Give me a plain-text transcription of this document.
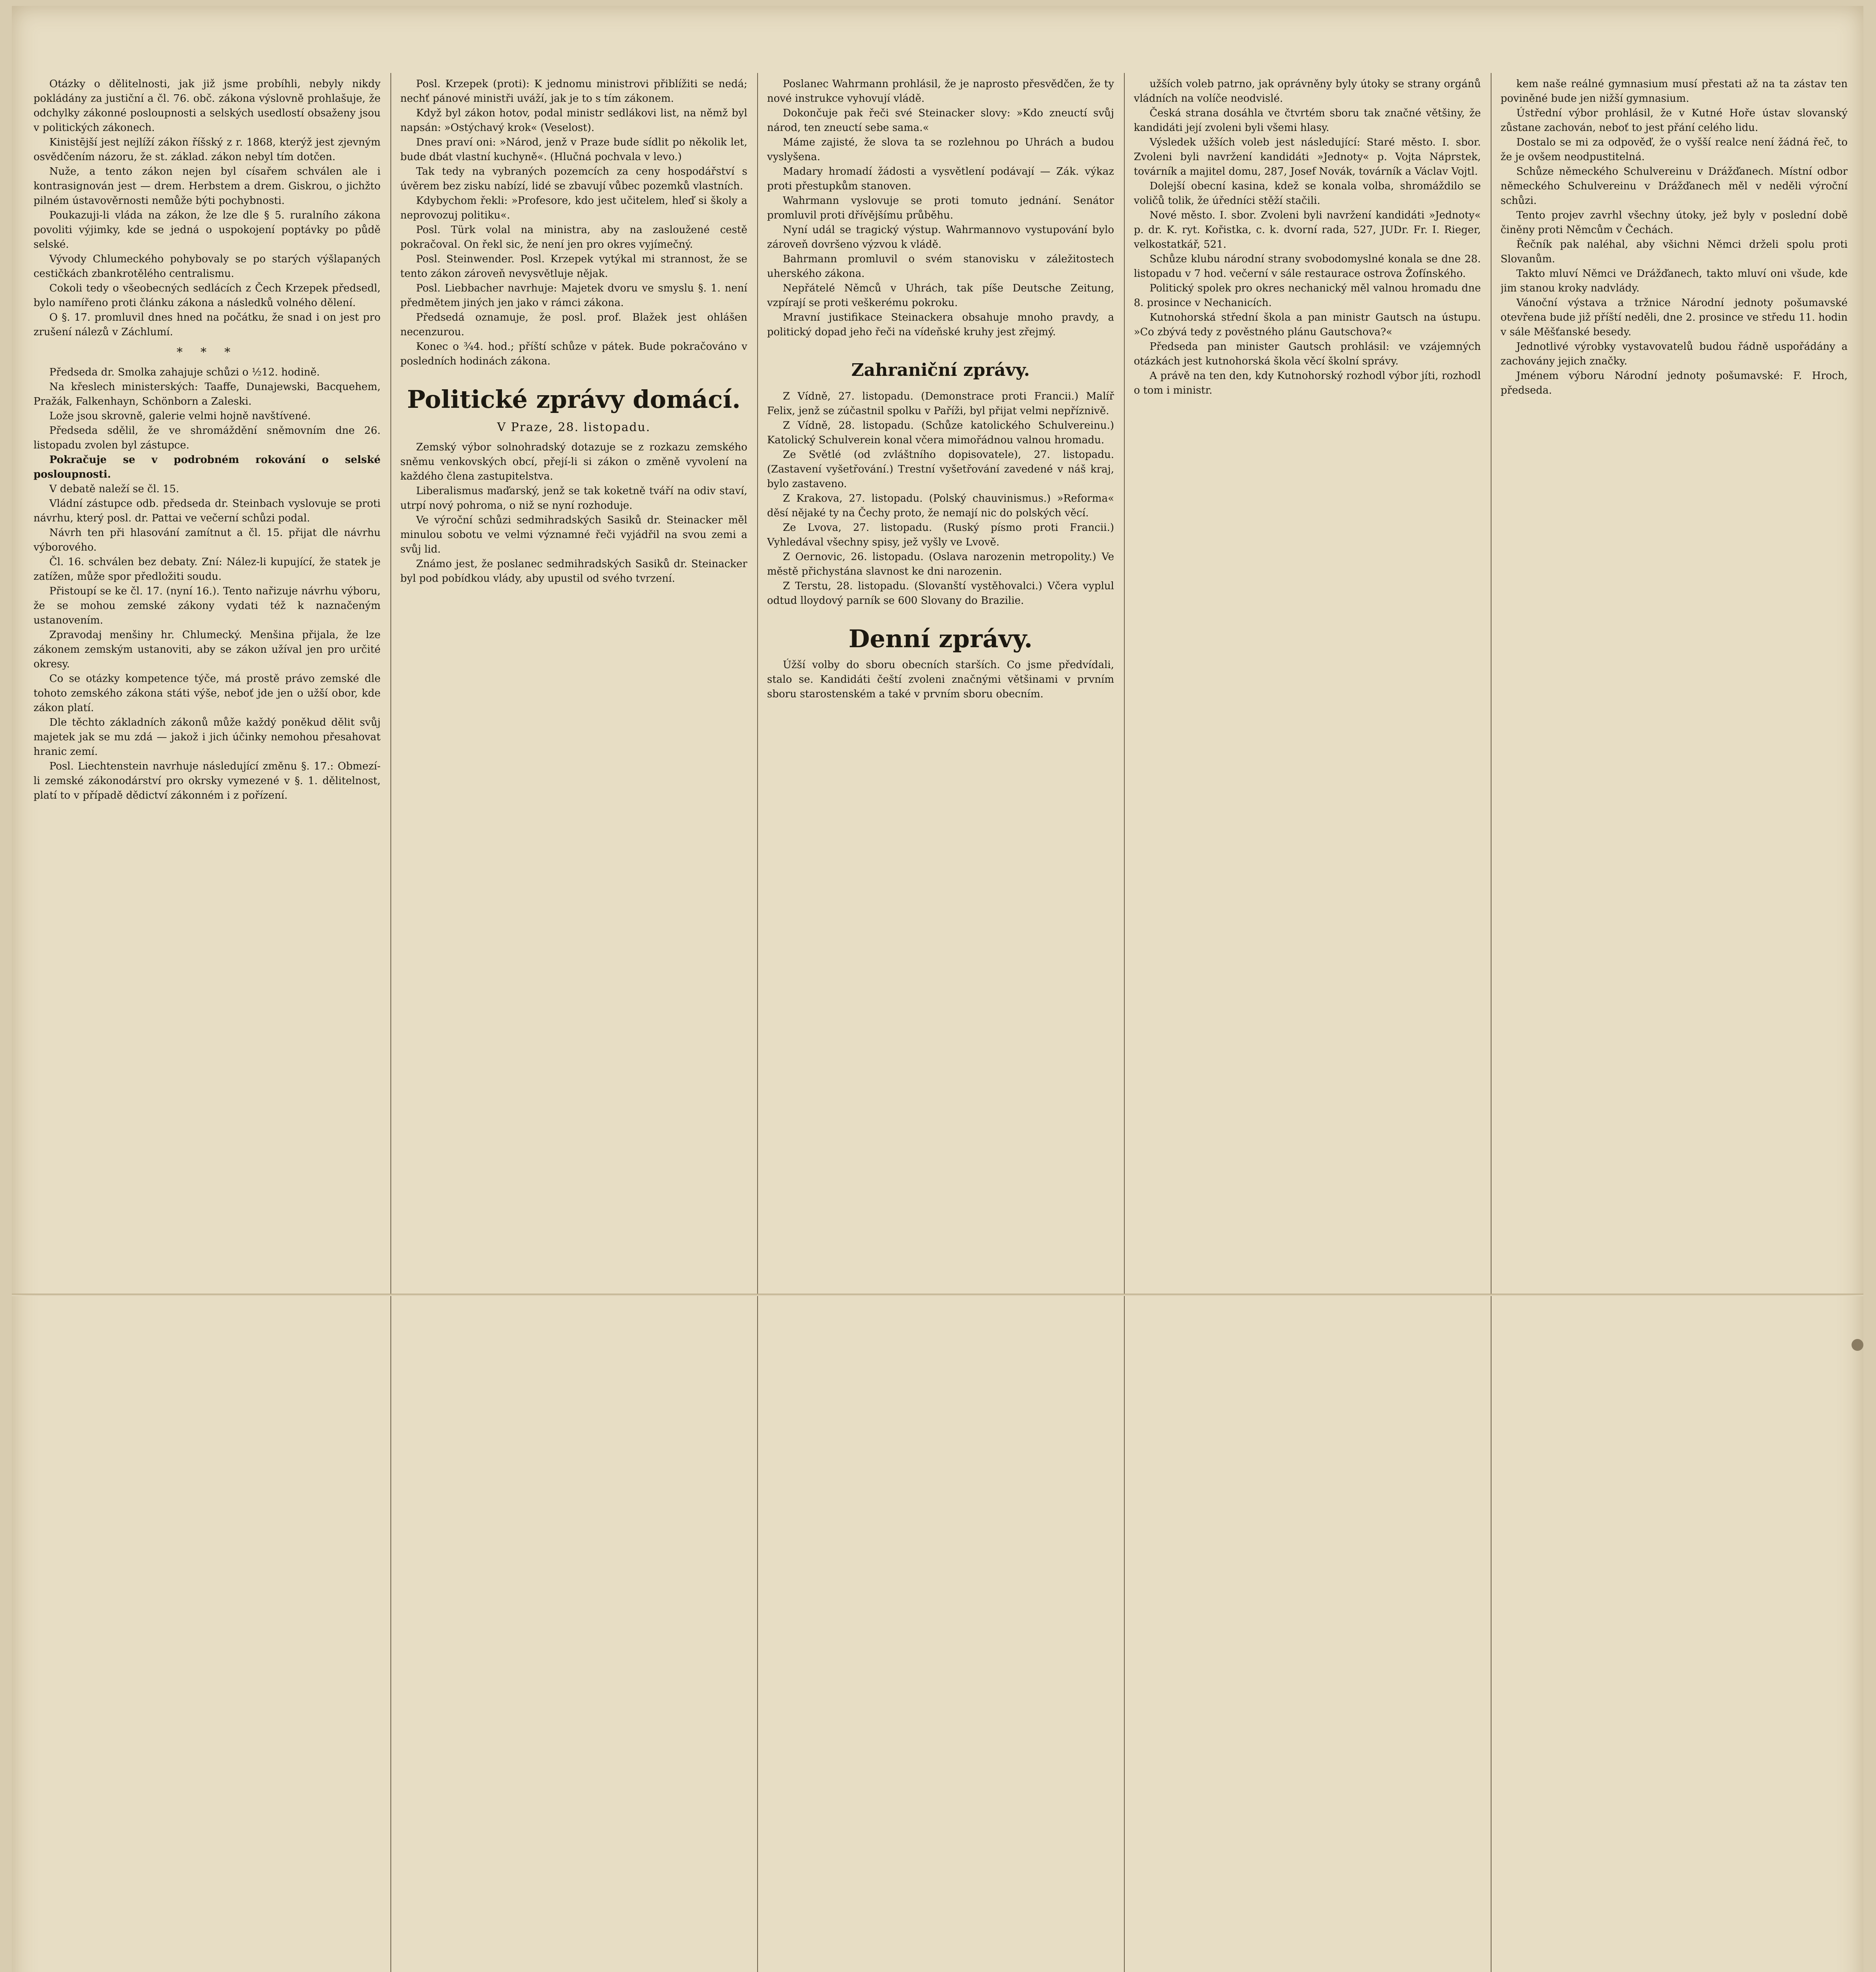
Otázky o dělitelnosti, jak již jsme probíhli, nebyly nikdy pokládány za justiční a čl. 76. obč. zákona výslovně prohlašuje, že odchylky zákonné posloupnosti a selských usedlostí obsaženy jsou v politických zákonech.

Kinistējší jest nejlíží zákon říšský z r. 1868, kterýž jest zjevným osvědčením názoru, že st. základ. zákon nebyl tím dotčen.

Nuže, a tento zákon nejen byl císařem schválen ale i kontrasignován jest — drem. Herbstem a drem. Giskrou, o jichžto pilném ústavověrnosti nemůže býti pochybnosti.

Poukazuji-li vláda na zákon, že lze dle § 5. ruralního zákona povoliti výjimky, kde se jedná o uspokojení poptávky po půdě selské.

Vývody Chlumeckého pohybovaly se po starých výšlapaných cestičkách zbankrotělého centralismu.

Cokoli tedy o všeobecných sedlácích z Čech Krzepek předsedl, bylo namířeno proti článku zákona a následků volného dělení.

O §. 17. promluvil dnes hned na počátku, že snad i on jest pro zrušení nálezů v Záchlumí.

* * *

Předseda dr. Smolka zahajuje schůzi o ½12. hodině.

Na křeslech ministerských: Taaffe, Dunajewski, Bacquehem, Pražák, Falkenhayn, Schönborn a Zaleski.

Lože jsou skrovně, galerie velmi hojně navštívené.

Předseda sdělil, že ve shromáždění sněmovním dne 26. listopadu zvolen byl zástupce.

Pokračuje se v podrobném rokování o selské posloupnosti.

V debatě naleží se čl. 15.

Vládní zástupce odb. předseda dr. Steinbach vyslovuje se proti návrhu, který posl. dr. Pattai ve večerní schůzi podal.

Návrh ten při hlasování zamítnut a čl. 15. přijat dle návrhu výborového.

Čl. 16. schválen bez debaty. Zní: Nález-li kupující, že statek je zatížen, může spor předložiti soudu.

Přistoupí se ke čl. 17. (nyní 16.). Tento nařizuje návrhu výboru, že se mohou zemské zákony vydati též k naznačeným ustanovením.

Zpravodaj menšiny hr. Chlumecký. Menšina přijala, že lze zákonem zemským ustanoviti, aby se zákon užíval jen pro určité okresy.

Co se otázky kompetence týče, má prostě právo zemské dle tohoto zemského zákona státi výše, neboť jde jen o užší obor, kde zákon platí.

Dle těchto základních zákonů může každý poněkud dělit svůj majetek jak se mu zdá — jakož i jich účinky nemohou přesahovat hranic zemí.

Posl. Liechtenstein navrhuje následující změnu §. 17.: Obmezí-li zemské zákonodárství pro okrsky vymezené v §. 1. dělitelnost, platí to v případě dědictví zákonném i z pořízení.

Posl. Krzepek (proti): K jednomu ministrovi přiblížiti se nedá; nechť pánové ministři uváží, jak je to s tím zákonem.

Když byl zákon hotov, podal ministr sedlákovi list, na němž byl napsán: »Ostýchavý krok« (Veselost).

Dnes praví oni: »Národ, jenž v Praze bude sídlit po několik let, bude dbát vlastní kuchyně«. (Hlučná pochvala v levo.)

Tak tedy na vybraných pozemcích za ceny hospodářství s úvěrem bez zisku nabízí, lidé se zbavují vůbec pozemků vlastních.

Kdybychom řekli: »Profesore, kdo jest učitelem, hleď si školy a neprovozuj politiku«.

Posl. Türk volal na ministra, aby na zasloužené cestě pokračoval. On řekl sic, že není jen pro okres vyjímečný.

Posl. Steinwender. Posl. Krzepek vytýkal mi strannost, že se tento zákon zároveň nevysvětluje nějak.

Posl. Liebbacher navrhuje: Majetek dvoru ve smyslu §. 1. není předmětem jiných jen jako v rámci zákona.

Předsedá oznamuje, že posl. prof. Blažek jest ohlášen necenzurou.

Konec o ¾4. hod.; příští schůze v pátek. Bude pokračováno v posledních hodinách zákona.

Politické zprávy domácí.
V Praze, 28. listopadu.

Zemský výbor solnohradský dotazuje se z rozkazu zemského sněmu venkovských obcí, přejí-li si zákon o změně vyvolení na každého člena zastupitelstva.

Liberalismus maďarský, jenž se tak koketně tváří na odiv staví, utrpí nový pohroma, o niž se nyní rozhoduje.

Ve výroční schůzi sedmihradských Sasiků dr. Steinacker měl minulou sobotu ve velmi významné řeči vyjádřil na svou zemi a svůj lid.

Známo jest, že poslanec sedmihradských Sasiků dr. Steinacker byl pod pobídkou vlády, aby upustil od svého tvrzení.

Poslanec Wahrmann prohlásil, že je naprosto přesvědčen, že ty nové instrukce vyhovují vládě.

Dokončuje pak řeči své Steinacker slovy: »Kdo zneuctí svůj národ, ten zneuctí sebe sama.«

Máme zajisté, že slova ta se rozlehnou po Uhrách a budou vyslyšena.

Madary hromadí žádosti a vysvětlení podávají — Zák. výkaz proti přestupkům stanoven.

Wahrmann vyslovuje se proti tomuto jednání. Senátor promluvil proti dřívějšímu průběhu.

Nyní udál se tragický výstup. Wahrmannovo vystupování bylo zároveň dovršeno výzvou k vládě.

Bahrmann promluvil o svém stanovisku v záležitostech uherského zákona.

Nepřátelé Němců v Uhrách, tak píše Deutsche Zeitung, vzpírají se proti veškerému pokroku.

Mravní justifikace Steinackera obsahuje mnoho pravdy, a politický dopad jeho řeči na vídeňské kruhy jest zřejmý.

Zahraniční zprávy.

Z Vídně, 27. listopadu. (Demonstrace proti Francii.) Malíř Felix, jenž se zúčastnil spolku v Paříži, byl přijat velmi nepříznivě.

Z Vídně, 28. listopadu. (Schůze katolického Schulvereinu.) Katolický Schulverein konal včera mimořádnou valnou hromadu.

Ze Světlé (od zvláštního dopisovatele), 27. listopadu. (Zastavení vyšetřování.) Trestní vyšetřování zavedené v náš kraj, bylo zastaveno.

Z Krakova, 27. listopadu. (Polský chauvinismus.) »Reforma« děsí nějaké ty na Čechy proto, že nemají nic do polských věcí.

Ze Lvova, 27. listopadu. (Ruský písmo proti Francii.) Vyhledával všechny spisy, jež vyšly ve Lvově.

Z Oernovic, 26. listopadu. (Oslava narozenin metropolity.) Ve městě přichystána slavnost ke dni narozenin.

Z Terstu, 28. listopadu. (Slovanští vystěhovalci.) Včera vyplul odtud lloydový parník se 600 Slovany do Brazilie.

Denní zprávy.

Úžší volby do sboru obecních starších. Co jsme předvídali, stalo se. Kandidáti čeští zvoleni značnými většinami v prvním sboru starostenském a také v prvním sboru obecním.

užších voleb patrno, jak oprávněny byly útoky se strany orgánů vládních na volíče neodvislé.

Česká strana dosáhla ve čtvrtém sboru tak značné většiny, že kandidáti její zvoleni byli všemi hlasy.

Výsledek užších voleb jest následující: Staré město. I. sbor. Zvoleni byli navržení kandidáti »Jednoty« p. Vojta Náprstek, továrník a majitel domu, 287, Josef Novák, továrník a Václav Vojtl.

Dolejší obecní kasina, kdež se konala volba, shromáždilo se voličů tolik, že úředníci stěží stačili.

Nové město. I. sbor. Zvoleni byli navržení kandidáti »Jednoty« p. dr. K. ryt. Kořistka, c. k. dvorní rada, 527, JUDr. Fr. I. Rieger, velkostatkář, 521.

Schůze klubu národní strany svobodomyslné konala se dne 28. listopadu v 7 hod. večerní v sále restaurace ostrova Žofínského.

Politický spolek pro okres nechanický měl valnou hromadu dne 8. prosince v Nechanicích.

Kutnohorská střední škola a pan ministr Gautsch na ústupu. »Co zbývá tedy z pověstného plánu Gautschova?«

Předseda pan minister Gautsch prohlásil: ve vzájemných otázkách jest kutnohorská škola věcí školní správy.

A právě na ten den, kdy Kutnohorský rozhodl výbor jíti, rozhodl o tom i ministr.

kem naše reálné gymnasium musí přestati až na ta zástav ten poviněné bude jen nižší gymnasium.

Ústřední výbor prohlásil, že v Kutné Hoře ústav slovanský zůstane zachován, neboť to jest přání celého lidu.

Dostalo se mi za odpověď, že o vyšší realce není žádná řeč, to že je ovšem neodpustitelná.

Schůze německého Schulvereinu v Drážďanech. Místní odbor německého Schulvereinu v Drážďanech měl v neděli výroční schůzi.

Tento projev zavrhl všechny útoky, jež byly v poslední době činěny proti Němcům v Čechách.

Řečník pak naléhal, aby všichni Němci drželi spolu proti Slovanům.

Takto mluví Němci ve Drážďanech, takto mluví oni všude, kde jim stanou kroky nadvlády.

Vánoční výstava a tržnice Národní jednoty pošumavské otevřena bude již příští neděli, dne 2. prosince ve středu 11. hodin v sále Měšťanské besedy.

Jednotlivé výrobky vystavovatelů budou řádně uspořádány a zachovány jejich značky.

Jménem výboru Národní jednoty pošumavské: F. Hroch, předseda.
